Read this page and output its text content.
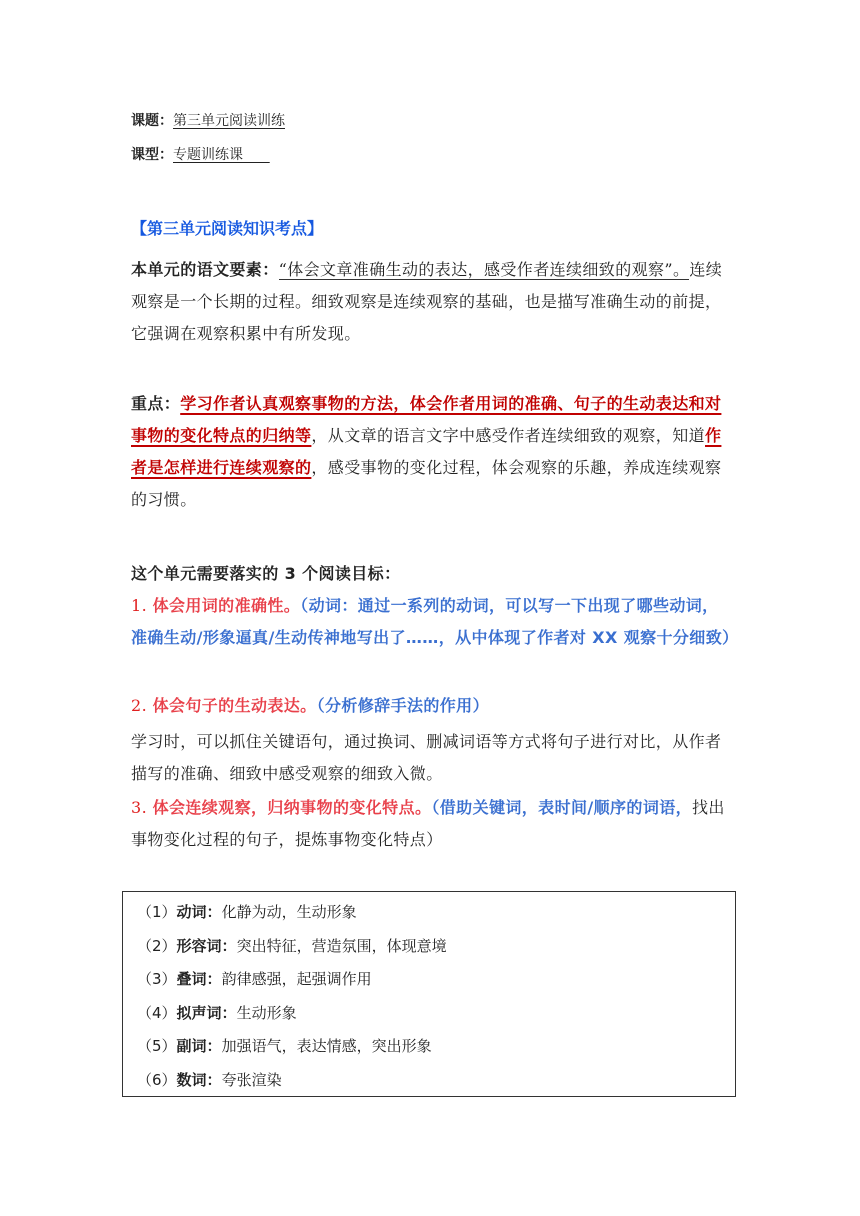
课题：第三单元阅读训练
课型：专题训练课
【第三单元阅读知识考点】
本单元的语文要素：“体会文章准确生动的表达，感受作者连续细致的观察”。连续观察是一个长期的过程。细致观察是连续观察的基础，也是描写准确生动的前提，它强调在观察积累中有所发现。
重点：学习作者认真观察事物的方法，体会作者用词的准确、句子的生动表达和对事物的变化特点的归纳等，从文章的语言文字中感受作者连续细致的观察，知道作者是怎样进行连续观察的，感受事物的变化过程，体会观察的乐趣，养成连续观察的习惯。
这个单元需要落实的 3 个阅读目标：
1. 体会用词的准确性。（动词：通过一系列的动词，可以写一下出现了哪些动词，准确生动/形象逼真/生动传神地写出了……，从中体现了作者对 XX 观察十分细致）
2. 体会句子的生动表达。（分析修辞手法的作用）
学习时，可以抓住关键语句，通过换词、删减词语等方式将句子进行对比，从作者描写的准确、细致中感受观察的细致入微。
3. 体会连续观察，归纳事物的变化特点。（借助关键词，表时间/顺序的词语，找出事物变化过程的句子，提炼事物变化特点）
（1）动词：化静为动，生动形象
（2）形容词：突出特征，营造氛围，体现意境
（3）叠词：韵律感强，起强调作用
（4）拟声词：生动形象
（5）副词：加强语气，表达情感，突出形象
（6）数词：夸张渲染
